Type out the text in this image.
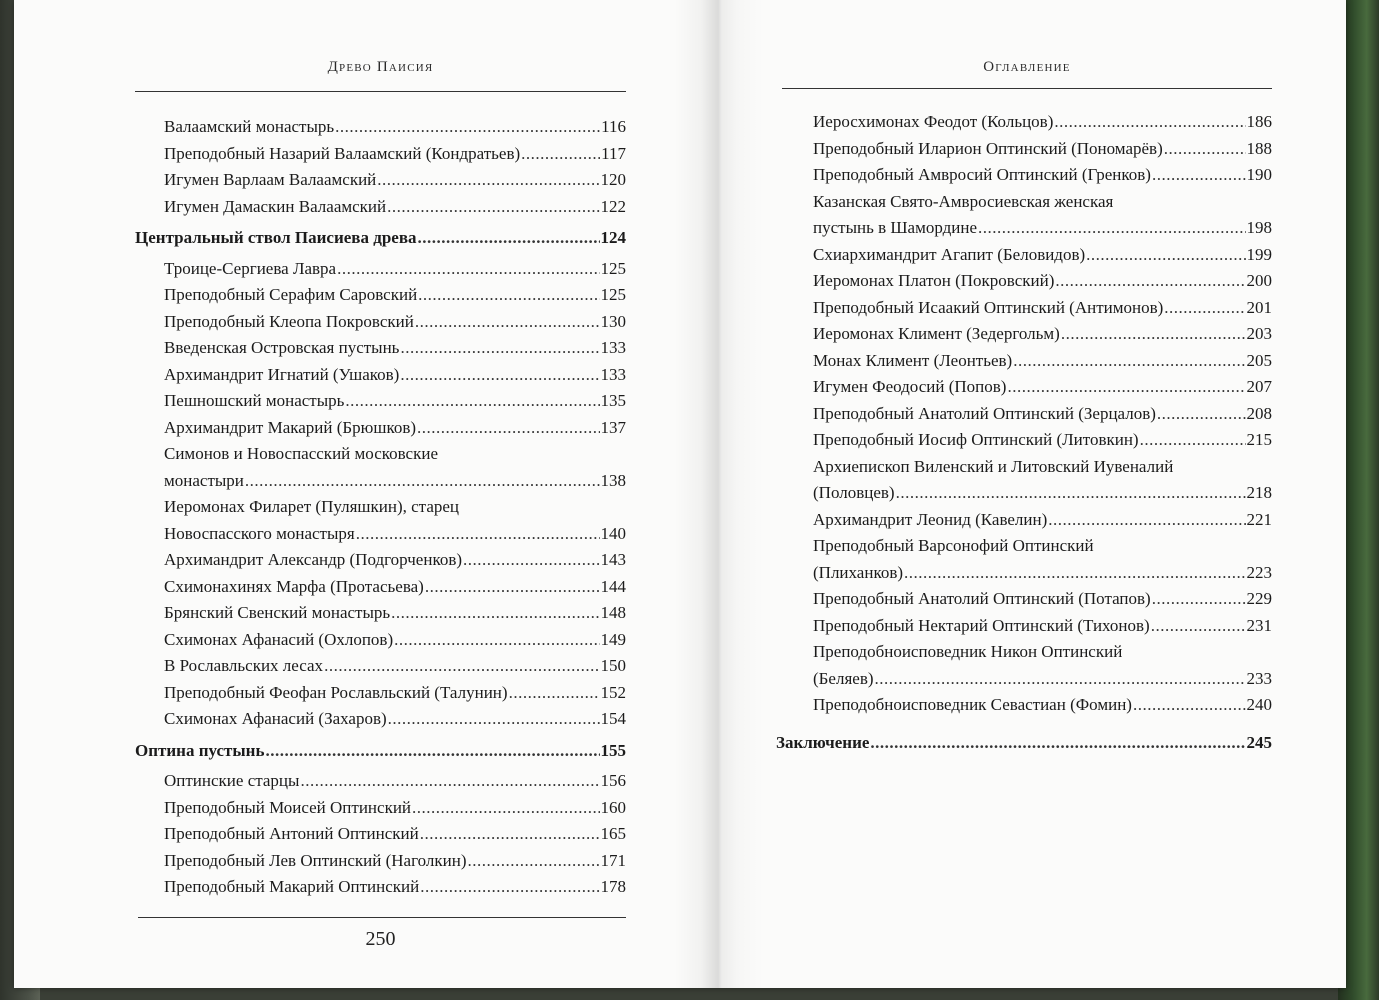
Древо Паисия
Валаамский монастырь .....	116
Преподобный Назарий Валаамский (Кондратьев) .....	117
Игумен Варлаам Валаамский .....	120
Игумен Дамаскин Валаамский .....	122
Центральный ствол Паисиева древа .....	124
Троице-Сергиева Лавра .....	125
Преподобный Серафим Саровский .....	125
Преподобный Клеопа Покровский .....	130
Введенская Островская пустынь .....	133
Архимандрит Игнатий (Ушаков) .....	133
Пешношский монастырь .....	135
Архимандрит Макарий (Брюшков) .....	137
Симонов и Новоспасский московские
монастыри .....	138
Иеромонах Филарет (Пуляшкин), старец
Новоспасского монастыря .....	140
Архимандрит Александр (Подгорченков) .....	143
Схимонахинях Марфа (Протасьева) .....	144
Брянский Свенский монастырь .....	148
Схимонах Афанасий (Охлопов) .....	149
В Рославльских лесах .....	150
Преподобный Феофан Рославльский (Талунин) .....	152
Схимонах Афанасий (Захаров) .....	154
Оптина пустынь .....	155
Оптинские старцы .....	156
Преподобный Моисей Оптинский .....	160
Преподобный Антоний Оптинский .....	165
Преподобный Лев Оптинский (Наголкин) .....	171
Преподобный Макарий Оптинский .....	178
250
Оглавление
Иеросхимонах Феодот (Кольцов) .....	186
Преподобный Иларион Оптинский (Пономарёв) .....	188
Преподобный Амвросий Оптинский (Гренков) .....	190
Казанская Свято-Амвросиевская женская
пустынь в Шамордине .....	198
Схиархимандрит Агапит (Беловидов) .....	199
Иеромонах Платон (Покровский) .....	200
Преподобный Исаакий Оптинский (Антимонов) .....	201
Иеромонах Климент (Зедергольм) .....	203
Монах Климент (Леонтьев) .....	205
Игумен Феодосий (Попов) .....	207
Преподобный Анатолий Оптинский (Зерцалов) .....	208
Преподобный Иосиф Оптинский (Литовкин) .....	215
Архиепископ Виленский и Литовский Иувеналий
(Половцев) .....	218
Архимандрит Леонид (Кавелин) .....	221
Преподобный Варсонофий Оптинский
(Плиханков) .....	223
Преподобный Анатолий Оптинский (Потапов) .....	229
Преподобный Нектарий Оптинский (Тихонов) .....	231
Преподобноисповедник Никон Оптинский
(Беляев) .....	233
Преподобноисповедник Севастиан (Фомин) .....	240
Заключение .....	245
